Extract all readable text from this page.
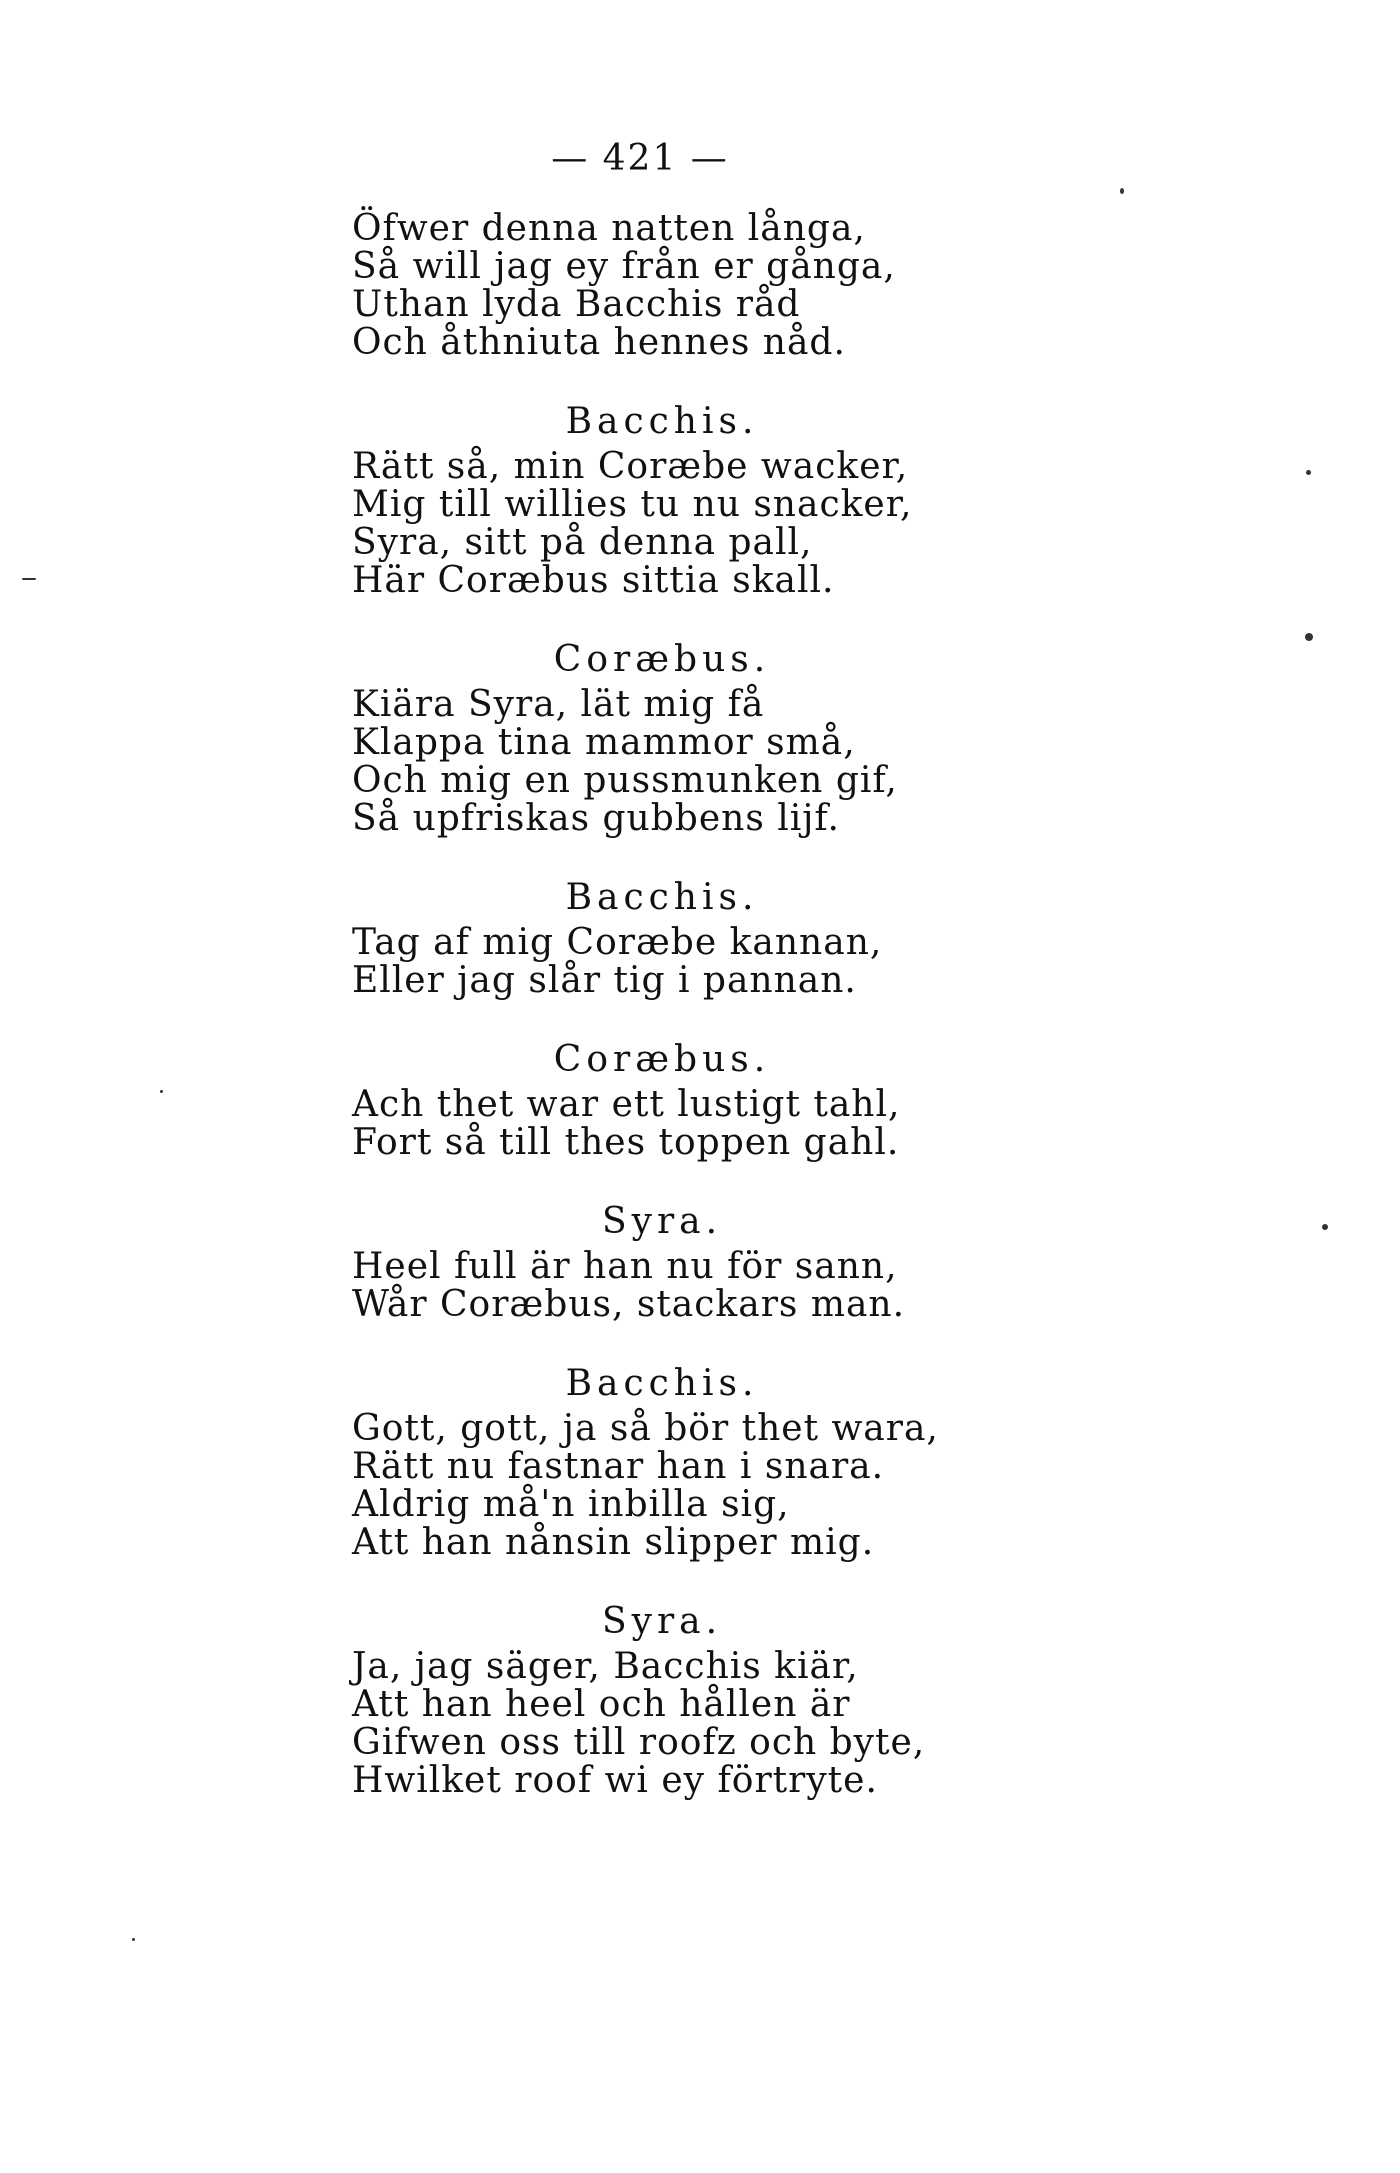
— 421 —
Öfwer denna natten långa,
Så will jag ey från er gånga,
Uthan lyda Bacchis råd
Och åthniuta hennes nåd.
Bacchis.
Rätt så, min Coræbe wacker,
Mig till willies tu nu snacker,
Syra, sitt på denna pall,
Här Coræbus sittia skall.
Coræbus.
Kiära Syra, lät mig få
Klappa tina mammor små,
Och mig en pussmunken gif,
Så upfriskas gubbens lijf.
Bacchis.
Tag af mig Coræbe kannan,
Eller jag slår tig i pannan.
Coræbus.
Ach thet war ett lustigt tahl,
Fort så till thes toppen gahl.
Syra.
Heel full är han nu för sann,
Wår Coræbus, stackars man.
Bacchis.
Gott, gott, ja så bör thet wara,
Rätt nu fastnar han i snara.
Aldrig må'n inbilla sig,
Att han nånsin slipper mig.
Syra.
Ja, jag säger, Bacchis kiär,
Att han heel och hållen är
Gifwen oss till roofz och byte,
Hwilket roof wi ey förtryte.
